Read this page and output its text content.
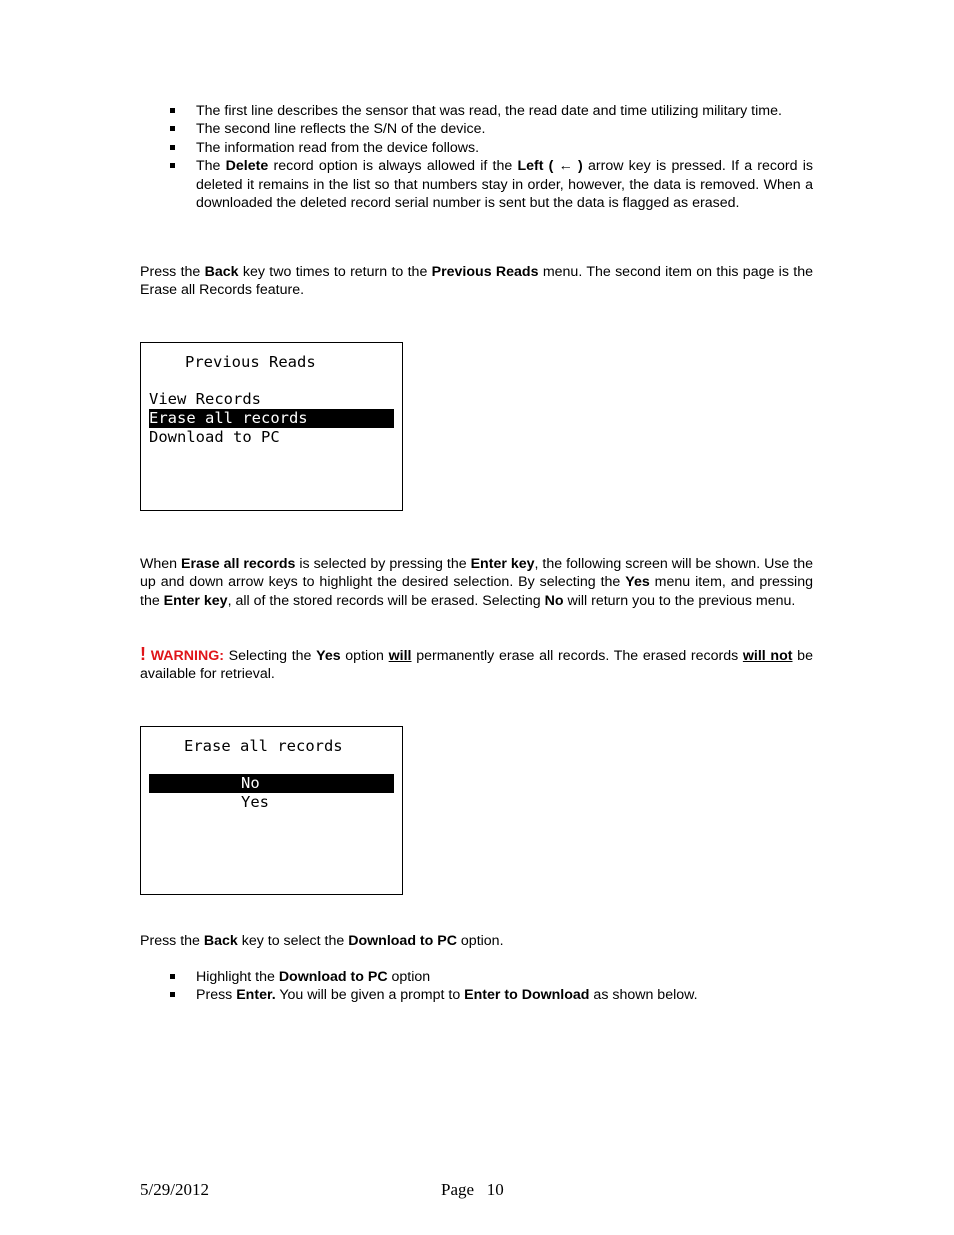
The first line describes the sensor that was read, the read date and time utilizing military time.
The second line reflects the S/N of the device.
The information read from the device follows.
The Delete record option is always allowed if the Left ( ← ) arrow key is pressed. If a record is deleted it remains in the list so that numbers stay in order, however, the data is removed. When a downloaded the deleted record serial number is sent but the data is flagged as erased.
Press the Back key two times to return to the Previous Reads menu. The second item on this page is the Erase all Records feature.
Previous Reads
View Records
Erase all records
Download to PC
When Erase all records is selected by pressing the Enter key, the following screen will be shown. Use the up and down arrow keys to highlight the desired selection. By selecting the Yes menu item, and pressing the Enter key, all of the stored records will be erased. Selecting No will return you to the previous menu.
! WARNING: Selecting the Yes option will permanently erase all records. The erased records will not be available for retrieval.
Erase all records
No
Yes
Press the Back key to select the Download to PC option.
Highlight the Download to PC option
Press Enter. You will be given a prompt to Enter to Download as shown below.
5/29/2012	Page 10
